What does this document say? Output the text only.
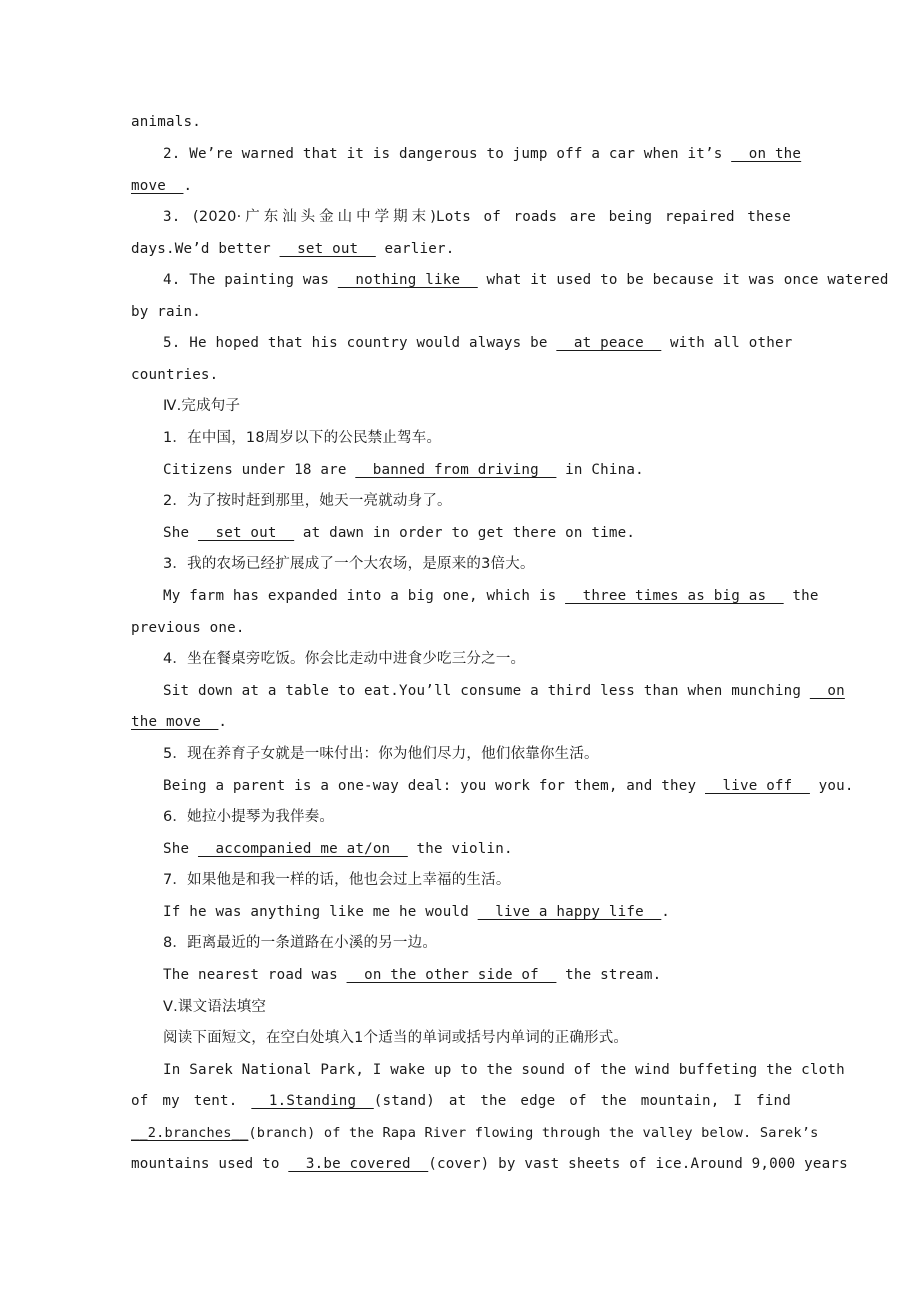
animals.
2. We’re warned that it is dangerous to jump off a car when it’s __on the
move__.
3. (2020·广东汕头金山中学期末)Lots of roads are being repaired these
days.We’d better __set out__ earlier.
4. The painting was __nothing like__ what it used to be because it was once watered
by rain.
5. He hoped that his country would always be __at peace__ with all other
countries.
Ⅳ.完成句子
1．在中国，18周岁以下的公民禁止驾车。
Citizens under 18 are __banned from driving__ in China.
2．为了按时赶到那里，她天一亮就动身了。
She __set out__ at dawn in order to get there on time.
3．我的农场已经扩展成了一个大农场，是原来的3倍大。
My farm has expanded into a big one, which is __three times as big as__ the
previous one.
4．坐在餐桌旁吃饭。你会比走动中进食少吃三分之一。
Sit down at a table to eat.You’ll consume a third less than when munching __on
the move__.
5．现在养育子女就是一味付出：你为他们尽力，他们依靠你生活。
Being a parent is a one-way deal: you work for them, and they __live off__ you.
6．她拉小提琴为我伴奏。
She __accompanied me at/on__ the violin.
7．如果他是和我一样的话，他也会过上幸福的生活。
If he was anything like me he would __live a happy life__.
8．距离最近的一条道路在小溪的另一边。
The nearest road was __on the other side of__ the stream.
Ⅴ.课文语法填空
阅读下面短文，在空白处填入1个适当的单词或括号内单词的正确形式。
In Sarek National Park, I wake up to the sound of the wind buffeting the cloth
of my tent. __1.Standing__(stand) at the edge of the mountain, I find
__2.branches__(branch) of the Rapa River flowing through the valley below. Sarek’s
mountains used to __3.be covered__(cover) by vast sheets of ice.Around 9,000 years
